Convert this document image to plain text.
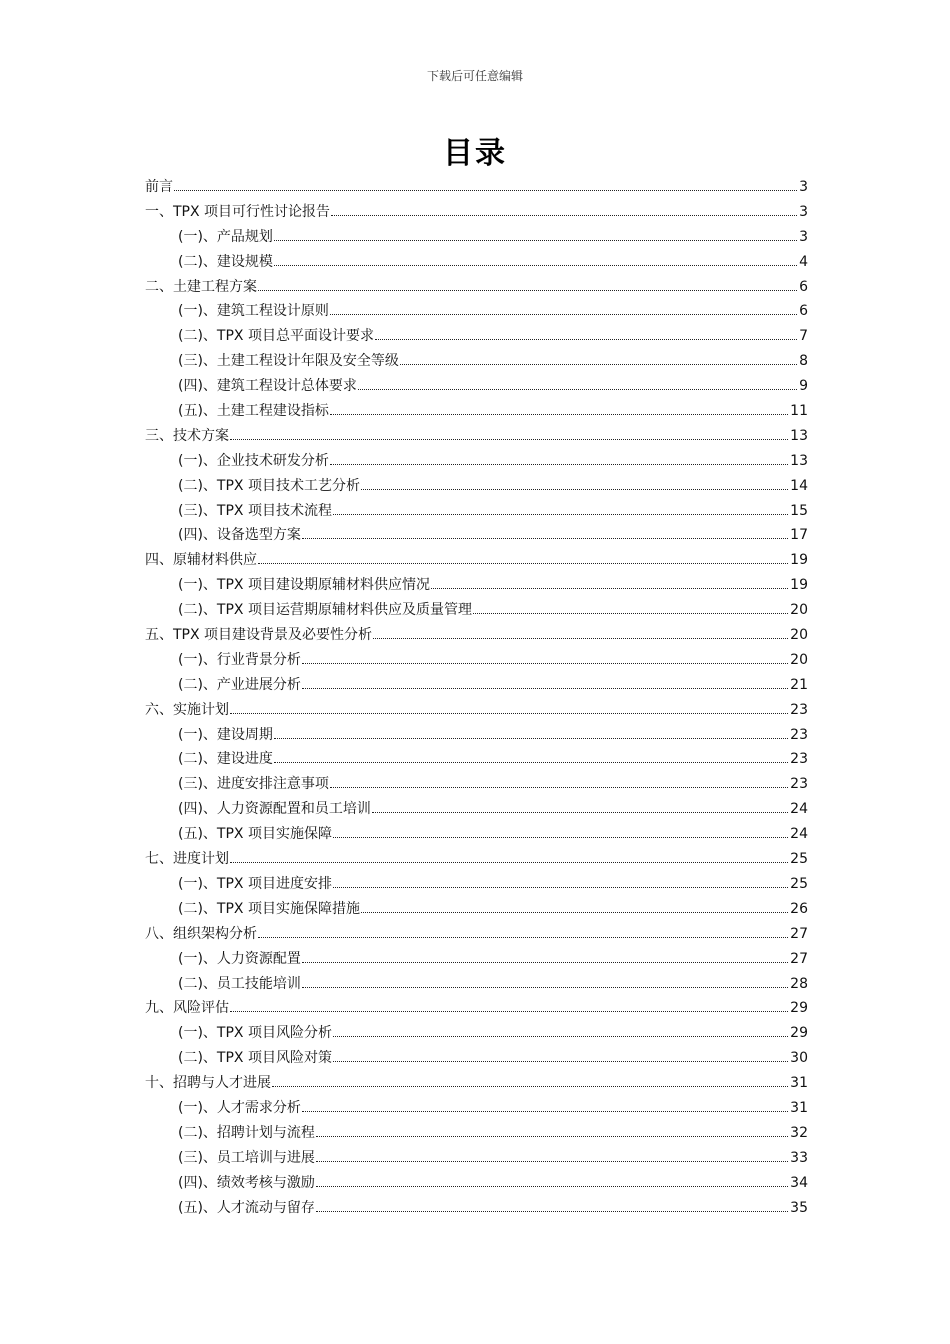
下载后可任意编辑
目录
前言	3
一、TPX 项目可行性讨论报告	3
(一)、产品规划	3
(二)、建设规模	4
二、土建工程方案	6
(一)、建筑工程设计原则	6
(二)、TPX 项目总平面设计要求	7
(三)、土建工程设计年限及安全等级	8
(四)、建筑工程设计总体要求	9
(五)、土建工程建设指标	11
三、技术方案	13
(一)、企业技术研发分析	13
(二)、TPX 项目技术工艺分析	14
(三)、TPX 项目技术流程	15
(四)、设备选型方案	17
四、原辅材料供应	19
(一)、TPX 项目建设期原辅材料供应情况	19
(二)、TPX 项目运营期原辅材料供应及质量管理	20
五、TPX 项目建设背景及必要性分析	20
(一)、行业背景分析	20
(二)、产业进展分析	21
六、实施计划	23
(一)、建设周期	23
(二)、建设进度	23
(三)、进度安排注意事项	23
(四)、人力资源配置和员工培训	24
(五)、TPX 项目实施保障	24
七、进度计划	25
(一)、TPX 项目进度安排	25
(二)、TPX 项目实施保障措施	26
八、组织架构分析	27
(一)、人力资源配置	27
(二)、员工技能培训	28
九、风险评估	29
(一)、TPX 项目风险分析	29
(二)、TPX 项目风险对策	30
十、招聘与人才进展	31
(一)、人才需求分析	31
(二)、招聘计划与流程	32
(三)、员工培训与进展	33
(四)、绩效考核与激励	34
(五)、人才流动与留存	35
